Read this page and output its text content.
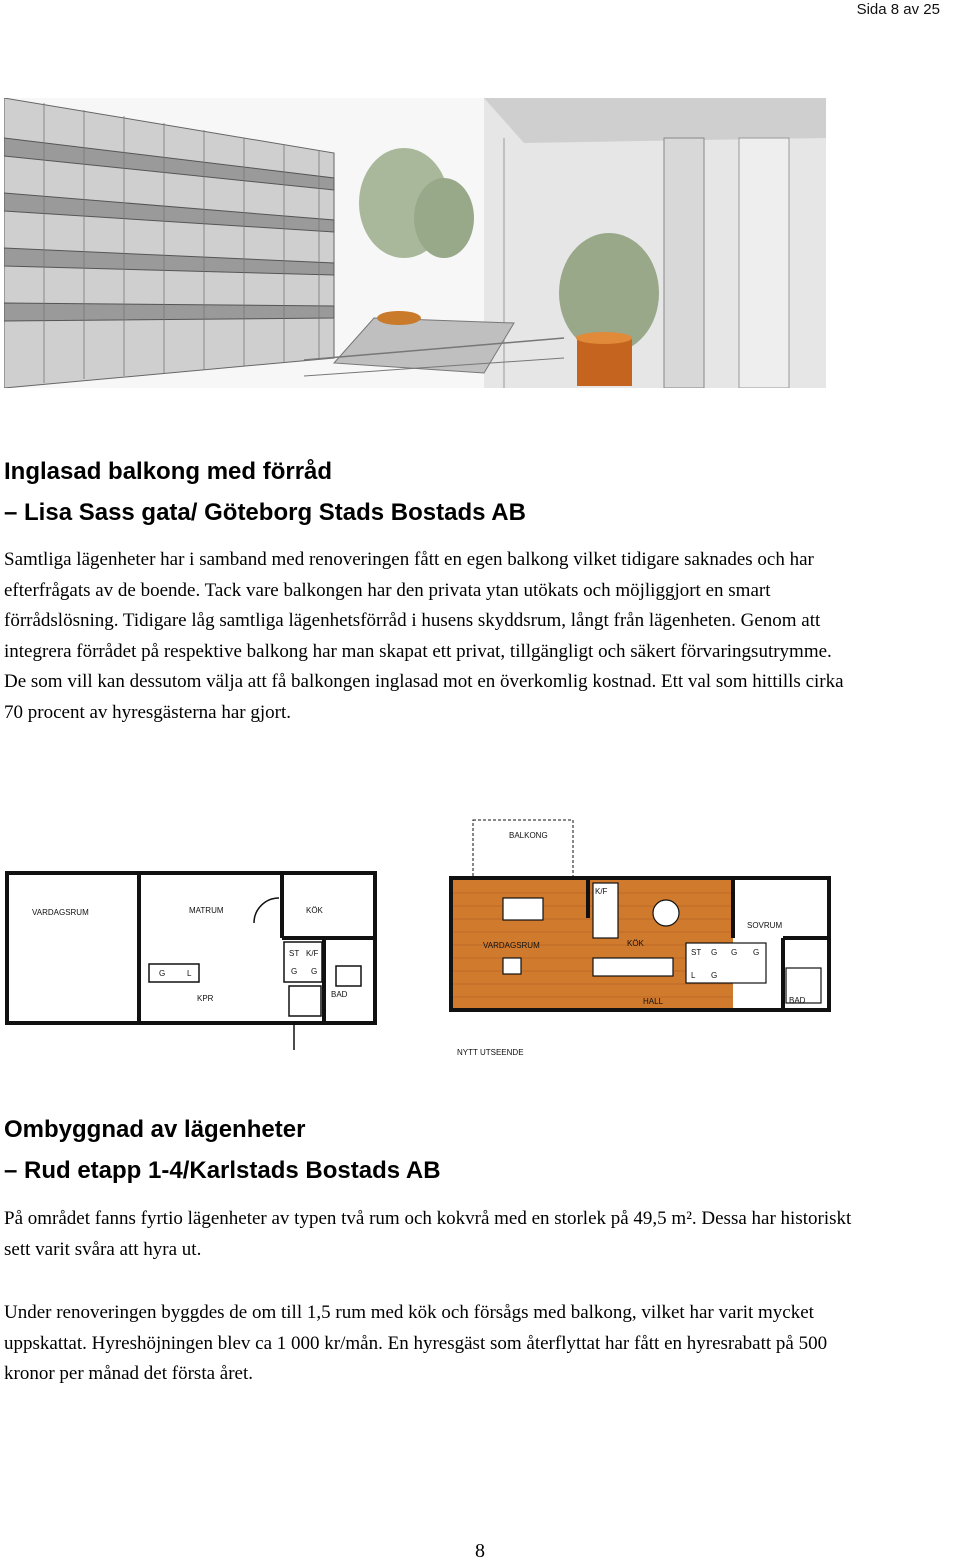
Sida 8 av 25
Inglasad balkong med förråd
– Lisa Sass gata/ Göteborg Stads Bostads AB

Samtliga lägenheter har i samband med renoveringen fått en egen balkong vilket tidigare saknades och har efterfrågats av de boende. Tack vare balkongen har den privata ytan utökats och möjliggjort en smart förrådslösning. Tidigare låg samtliga lägenhetsförråd i husens skyddsrum, långt från lägenheten. Genom att integrera förrådet på respektive balkong har man skapat ett privat, tillgängligt och säkert förvaringsutrymme. De som vill kan dessutom välja att få balkongen inglasad mot en överkomlig kostnad. Ett val som hittills cirka 70 procent av hyresgästerna har gjort.

VARDAGSRUM	MATRUM	KÖK
ST K/F
G	L	G G
KPR	BAD
BALKONG
K/F
VARDAGSRUM	KÖK
SOVRUM
ST G G G
L G
HALL	BAD
NYTT UTSEENDE
Ombyggnad av lägenheter
– Rud etapp 1-4/Karlstads Bostads AB

På området fanns fyrtio lägenheter av typen två rum och kokvrå med en storlek på 49,5 m². Dessa har historiskt sett varit svåra att hyra ut.

Under renoveringen byggdes de om till 1,5 rum med kök och försågs med balkong, vilket har varit mycket uppskattat. Hyreshöjningen blev ca 1 000 kr/mån. En hyresgäst som återflyttat har fått en hyresrabatt på 500 kronor per månad det första året.

8
